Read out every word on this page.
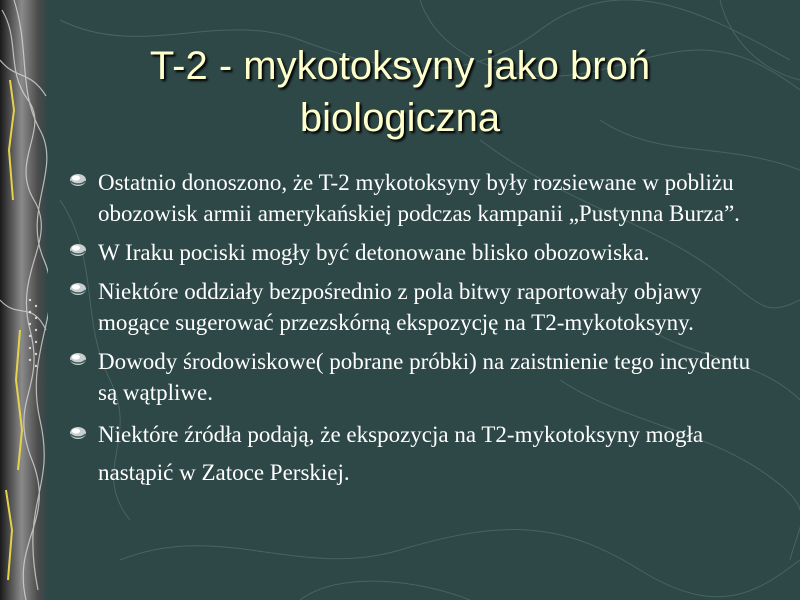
T-2 - mykotoksyny jako broń
biologiczna
Ostatnio donoszono, że T-2 mykotoksyny były rozsiewane w pobliżu obozowisk armii amerykańskiej podczas kampanii „Pustynna Burza”.
W Iraku pociski mogły być detonowane blisko obozowiska.
Niektóre oddziały bezpośrednio z pola bitwy raportowały objawy mogące sugerować przezskórną ekspozycję na T2-mykotoksyny.
Dowody środowiskowe( pobrane próbki) na zaistnienie tego incydentu są wątpliwe.
Niektóre źródła podają, że ekspozycja na T2-mykotoksyny mogła nastąpić w Zatoce Perskiej.
